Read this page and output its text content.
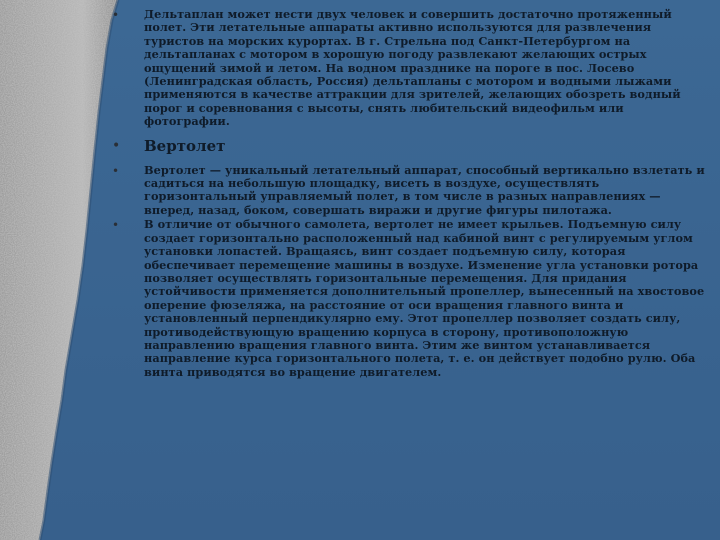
• Дельтаплан может нести двух человек и совершить достаточно протяженный полет. Эти летательные аппараты активно используются для развлечения туристов на морских курортах. В г. Стрельна под Санкт-Петербургом на дельтапланах с мотором в хорошую погоду развлекают желающих острых ощущений зимой и летом. На водном празднике на пороге в пос. Лосево (Ленинградская область, Россия) дельтапланы с мотором и водными лыжами применяются в качестве аттракции для зрителей, желающих обозреть водный порог и соревнования с высоты, снять любительский видеофильм или фотографии.
• Вертолет
• Вертолет — уникальный летательный аппарат, способный вертикально взлетать и садиться на небольшую площадку, висеть в воздухе, осуществлять горизонтальный управляемый полет, в том числе в разных направлениях — вперед, назад, боком, совершать виражи и другие фигуры пилотажа.
• В отличие от обычного самолета, вертолет не имеет крыльев. Подъемную силу создает горизонтально расположенный над кабиной винт с регулируемым углом установки лопастей. Вращаясь, винт создает подъемную силу, которая обеспечивает перемещение машины в воздухе. Изменение угла установки ротора позволяет осуществлять горизонтальные перемещения. Для придания устойчивости применяется дополнительный пропеллер, вынесенный на хвостовое оперение фюзеляжа, на расстояние от оси вращения главного винта и установленный перпендикулярно ему. Этот пропеллер позволяет создать силу, противодействующую вращению корпуса в сторону, противоположную направлению вращения главного винта. Этим же винтом устанавливается направление курса горизонтального полета, т. е. он действует подобно рулю. Оба винта приводятся во вращение двигателем.
